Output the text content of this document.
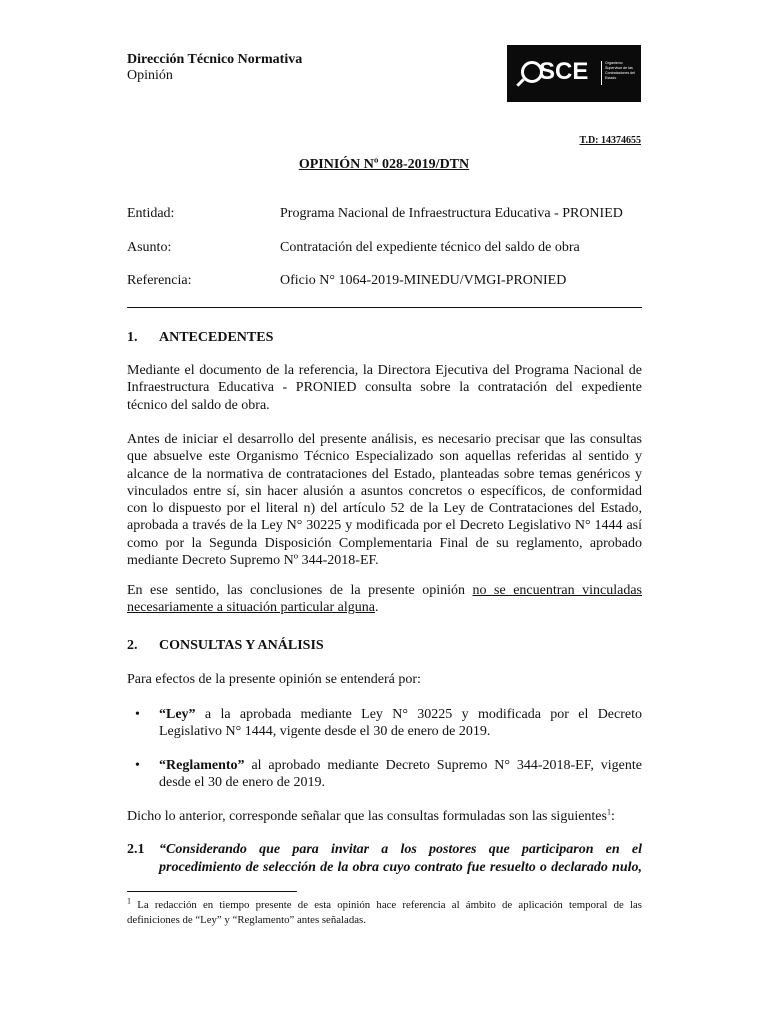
Dirección Técnico Normativa
Opinión	SCE	Organismo Supervisor de las Contrataciones del Estado
T.D: 14374655
OPINIÓN Nº 028-2019/DTN
Entidad:	Programa Nacional de Infraestructura Educativa - PRONIED
Asunto:	Contratación del expediente técnico del saldo de obra
Referencia:	Oficio N° 1064-2019-MINEDU/VMGI-PRONIED
1. ANTECEDENTES
Mediante el documento de la referencia, la Directora Ejecutiva del Programa Nacional de
Infraestructura Educativa - PRONIED consulta sobre la contratación del expediente
técnico del saldo de obra.
Antes de iniciar el desarrollo del presente análisis, es necesario precisar que las consultas
que absuelve este Organismo Técnico Especializado son aquellas referidas al sentido y
alcance de la normativa de contrataciones del Estado, planteadas sobre temas genéricos y
vinculados entre sí, sin hacer alusión a asuntos concretos o específicos, de conformidad
con lo dispuesto por el literal n) del artículo 52 de la Ley de Contrataciones del Estado,
aprobada a través de la Ley N° 30225 y modificada por el Decreto Legislativo N° 1444 así
como por la Segunda Disposición Complementaria Final de su reglamento, aprobado
mediante Decreto Supremo Nº 344-2018-EF.
En ese sentido, las conclusiones de la presente opinión no se encuentran vinculadas
necesariamente a situación particular alguna.
2. CONSULTAS Y ANÁLISIS
Para efectos de la presente opinión se entenderá por:
• “Ley” a la aprobada mediante Ley N° 30225 y modificada por el Decreto
Legislativo N° 1444, vigente desde el 30 de enero de 2019.
• “Reglamento” al aprobado mediante Decreto Supremo N° 344-2018-EF, vigente
desde el 30 de enero de 2019.
Dicho lo anterior, corresponde señalar que las consultas formuladas son las siguientes$^1$:
2.1 “Considerando que para invitar a los postores que participaron en el
procedimiento de selección de la obra cuyo contrato fue resuelto o declarado nulo,
$^1$ La redacción en tiempo presente de esta opinión hace referencia al ámbito de aplicación temporal de las
definiciones de “Ley” y “Reglamento” antes señaladas.
